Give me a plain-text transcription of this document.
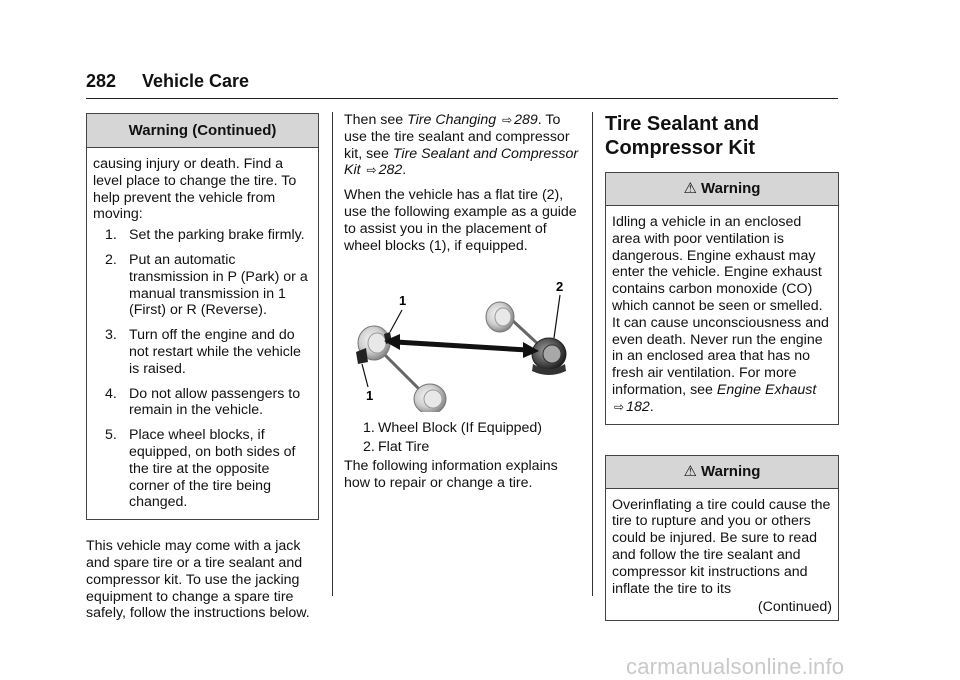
282 Vehicle Care
Warning (Continued)

causing injury or death. Find a level place to change the tire. To help prevent the vehicle from moving:

1. Set the parking brake firmly.
2. Put an automatic transmission in P (Park) or a manual transmission in 1 (First) or R (Reverse).
3. Turn off the engine and do not restart while the vehicle is raised.
4. Do not allow passengers to remain in the vehicle.
5. Place wheel blocks, if equipped, on both sides of the tire at the opposite corner of the tire being changed.

This vehicle may come with a jack and spare tire or a tire sealant and compressor kit. To use the jacking equipment to change a spare tire safely, follow the instructions below.

Then see Tire Changing ⇨ 289. To use the tire sealant and compressor kit, see Tire Sealant and Compressor Kit ⇨ 282.

When the vehicle has a flat tire (2), use the following example as a guide to assist you in the placement of wheel blocks (1), if equipped.

1
1
2
1. Wheel Block (If Equipped)
2. Flat Tire

The following information explains how to repair or change a tire.

Tire Sealant and Compressor Kit
⚠ Warning

Idling a vehicle in an enclosed area with poor ventilation is dangerous. Engine exhaust may enter the vehicle. Engine exhaust contains carbon monoxide (CO) which cannot be seen or smelled. It can cause unconsciousness and even death. Never run the engine in an enclosed area that has no fresh air ventilation. For more information, see Engine Exhaust ⇨ 182.

⚠ Warning

Overinflating a tire could cause the tire to rupture and you or others could be injured. Be sure to read and follow the tire sealant and compressor kit instructions and inflate the tire to its

(Continued)
carmanualsonline.info
